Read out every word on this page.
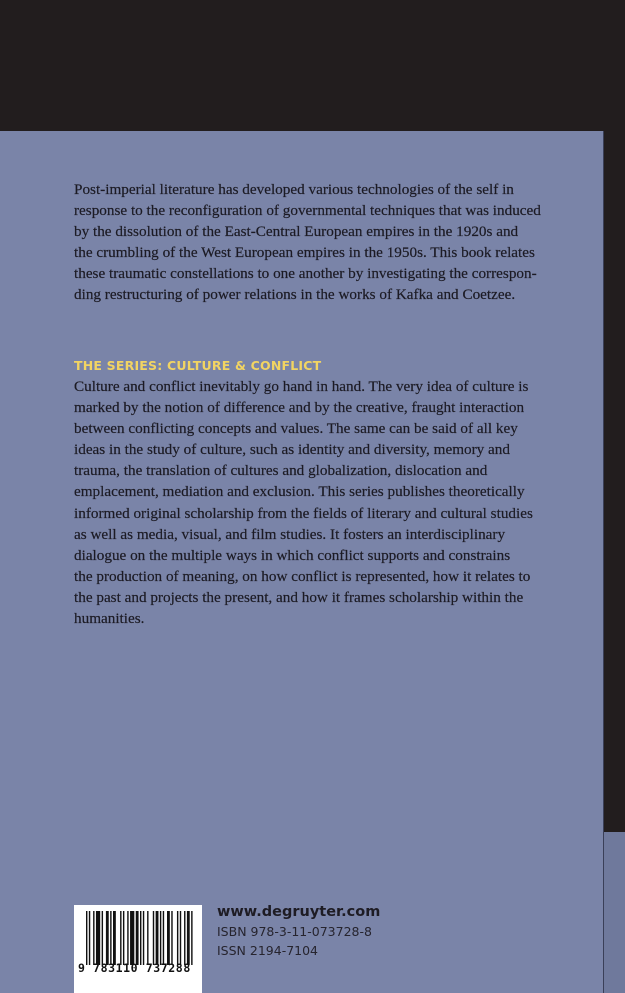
Post-imperial literature has developed various technologies of the self in
response to the reconfiguration of governmental techniques that was induced
by the dissolution of the East-Central European empires in the 1920s and
the crumbling of the West European empires in the 1950s. This book relates
these traumatic constellations to one another by investigating the correspon-
ding restructuring of power relations in the works of Kafka and Coetzee.
THE SERIES: CULTURE & CONFLICT
Culture and conflict inevitably go hand in hand. The very idea of culture is
marked by the notion of difference and by the creative, fraught interaction
between conflicting concepts and values. The same can be said of all key
ideas in the study of culture, such as identity and diversity, memory and
trauma, the translation of cultures and globalization, dislocation and
emplacement, mediation and exclusion. This series publishes theoretically
informed original scholarship from the fields of literary and cultural studies
as well as media, visual, and film studies. It fosters an interdisciplinary
dialogue on the multiple ways in which conflict supports and constrains
the production of meaning, on how conflict is represented, how it relates to
the past and projects the present, and how it frames scholarship within the
humanities.
9 783110 737288
www.degruyter.com
ISBN 978-3-11-073728-8
ISSN 2194-7104
